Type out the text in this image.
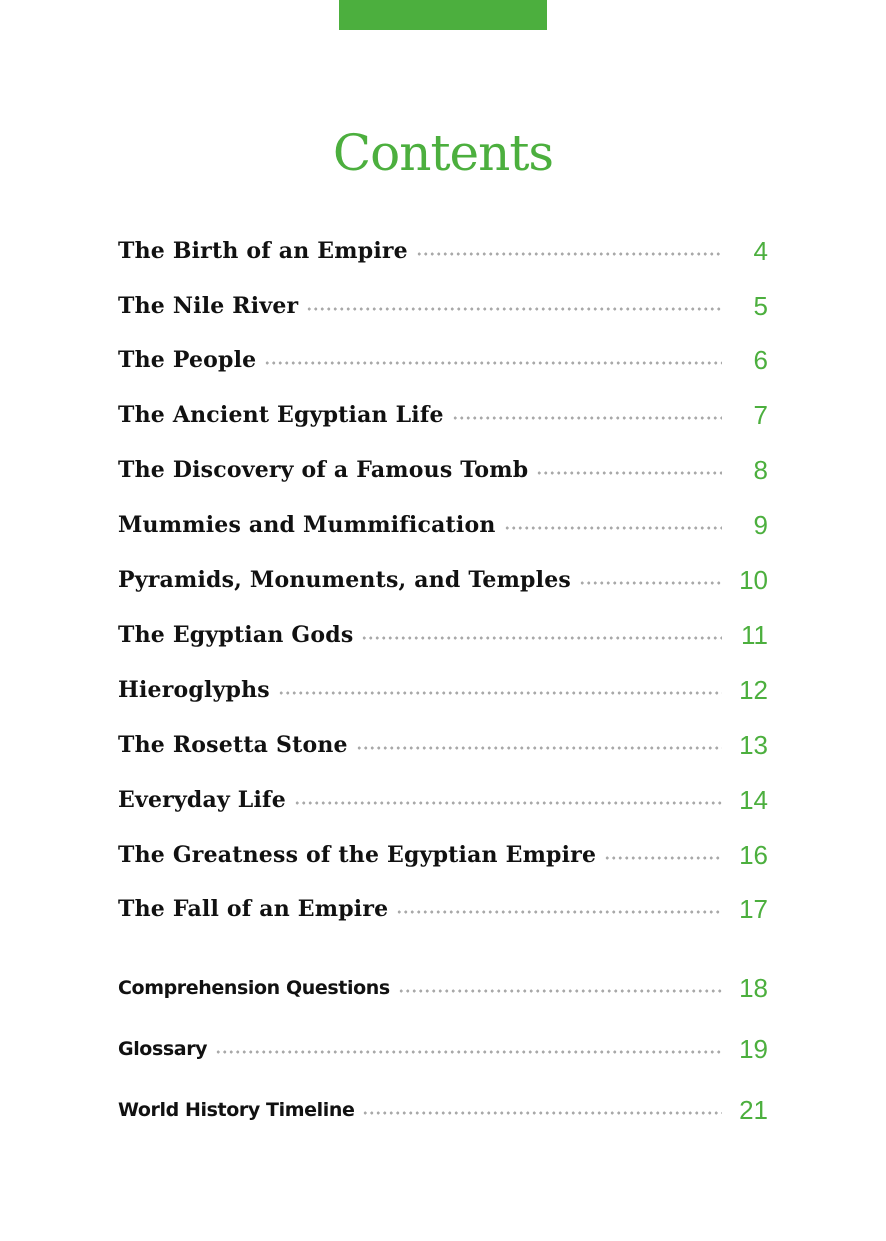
Contents
The Birth of an Empire	4
The Nile River	5
The People	6
The Ancient Egyptian Life	7
The Discovery of a Famous Tomb	8
Mummies and Mummification	9
Pyramids, Monuments, and Temples	10
The Egyptian Gods	11
Hieroglyphs	12
The Rosetta Stone	13
Everyday Life	14
The Greatness of the Egyptian Empire	16
The Fall of an Empire	17
Comprehension Questions	18
Glossary	19
World History Timeline	21
